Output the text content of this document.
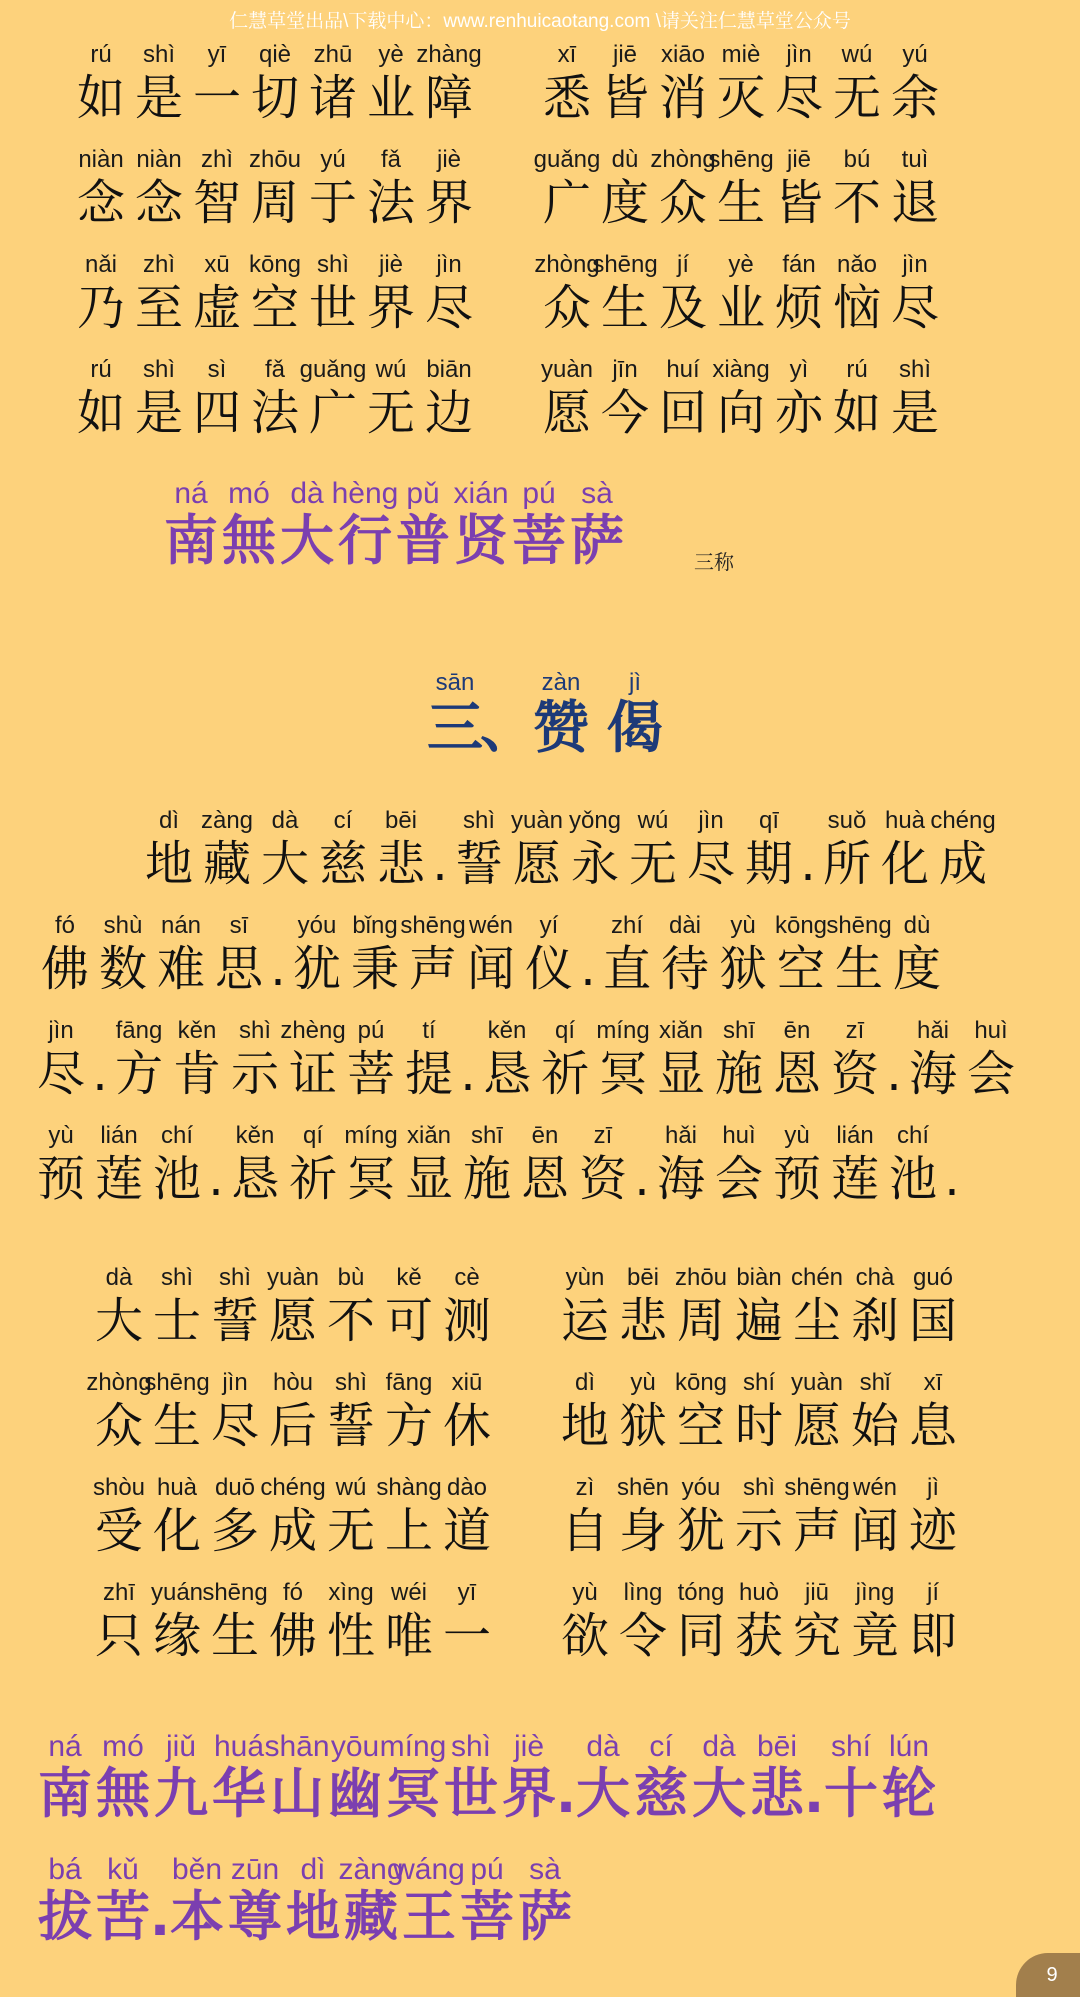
仁慧草堂出品\下载中心：www.renhuicaotang.com \请关注仁慧草堂公众号
rú
如
shì
是
yī
一
qiè
切
zhū
诸
yè
业
zhàng
障
xī
悉
jiē
皆
xiāo
消
miè
灭
jìn
尽
wú
无
yú
余
niàn
念
niàn
念
zhì
智
zhōu
周
yú
于
fǎ
法
jiè
界
guǎng
广
dù
度
zhòng
众
shēng
生
jiē
皆
bú
不
tuì
退
nǎi
乃
zhì
至
xū
虚
kōng
空
shì
世
jiè
界
jìn
尽
zhòng
众
shēng
生
jí
及
yè
业
fán
烦
nǎo
恼
jìn
尽
rú
如
shì
是
sì
四
fǎ
法
guǎng
广
wú
无
biān
边
yuàn
愿
jīn
今
huí
回
xiàng
向
yì
亦
rú
如
shì
是
ná
南
mó
無
dà
大
hèng
行
pǔ
普
xián
贤
pú
菩
sà
萨
sān
三
、
zàn
赞
jì
偈
dì
地
zàng
藏
dà
大
cí
慈
bēi
悲 .
shì
誓
yuàn
愿
yǒng
永
wú
无
jìn
尽
qī
期 .
suǒ
所
huà
化
chéng
成
fó
佛
shù
数
nán
难
sī
思 .
yóu
犹
bǐng
秉
shēng
声
wén
闻
yí
仪 .
zhí
直
dài
待
yù
狱
kōng
空
shēng
生
dù
度
jìn
尽 .
fāng
方
kěn
肯
shì
示
zhèng
证
pú
菩
tí
提 .
kěn
恳
qí
祈
míng
冥
xiǎn
显
shī
施
ēn
恩
zī
资 .
hǎi
海
huì
会
yù
预
lián
莲
chí
池 .
kěn
恳
qí
祈
míng
冥
xiǎn
显
shī
施
ēn
恩
zī
资 .
hǎi
海
huì
会
yù
预
lián
莲
chí
池 .
dà
大
shì
士
shì
誓
yuàn
愿
bù
不
kě
可
cè
测
yùn
运
bēi
悲
zhōu
周
biàn
遍
chén
尘
chà
刹
guó
国
zhòng
众
shēng
生
jìn
尽
hòu
后
shì
誓
fāng
方
xiū
休
dì
地
yù
狱
kōng
空
shí
时
yuàn
愿
shǐ
始
xī
息
shòu
受
huà
化
duō
多
chéng
成
wú
无
shàng
上
dào
道
zì
自
shēn
身
yóu
犹
shì
示
shēng
声
wén
闻
jì
迹
zhī
只
yuán
缘
shēng
生
fó
佛
xìng
性
wéi
唯
yī
一
yù
欲
lìng
令
tóng
同
huò
获
jiū
究
jìng
竟
jí
即
ná
南
mó
無
jiǔ
九
huá
华
shān
山
yōu
幽
míng
冥
shì
世
jiè
界 .
dà
大
cí
慈
dà
大
bēi
悲 .
shí
十
lún
轮
bá
拔
kǔ
苦 .
běn
本
zūn
尊
dì
地
zàng
藏
wáng
王
pú
菩
sà
萨
三称
9
